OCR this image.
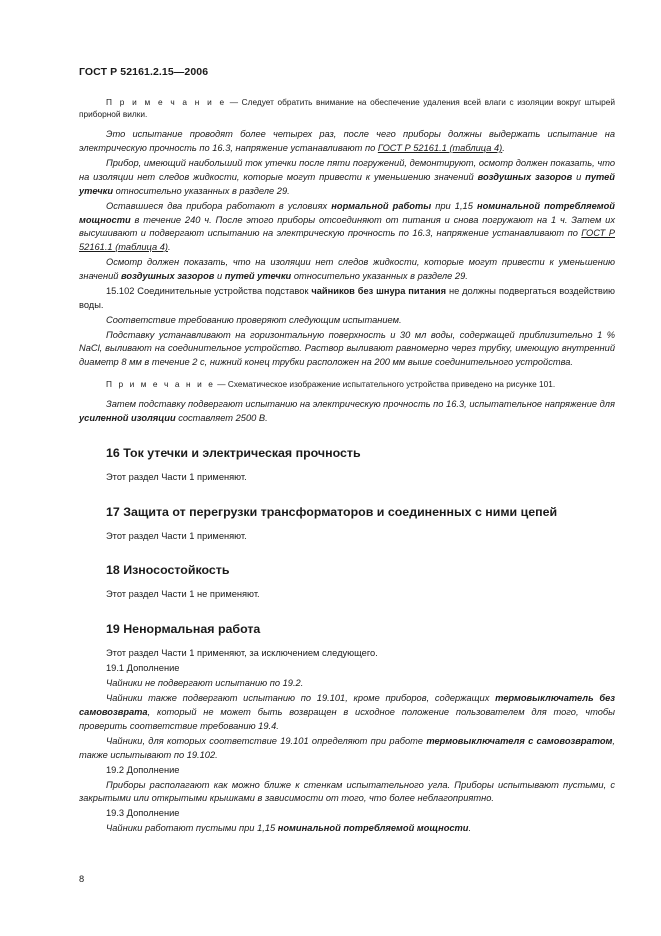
ГОСТ Р 52161.2.15—2006

П р и м е ч а н и е — Следует обратить внимание на обеспечение удаления всей влаги с изоляции вокруг штырей приборной вилки.

Это испытание проводят более четырех раз, после чего приборы должны выдержать испытание на электрическую прочность по 16.3, напряжение устанавливают по ГОСТ Р 52161.1 (таблица 4).

Прибор, имеющий наибольший ток утечки после пяти погружений, демонтируют, осмотр должен показать, что на изоляции нет следов жидкости, которые могут привести к уменьшению значений воздушных зазоров и путей утечки относительно указанных в разделе 29.

Оставшиеся два прибора работают в условиях нормальной работы при 1,15 номинальной потребляемой мощности в течение 240 ч. После этого приборы отсоединяют от питания и снова погружают на 1 ч. Затем их высушивают и подвергают испытанию на электрическую прочность по 16.3, напряжение устанавливают по ГОСТ Р 52161.1 (таблица 4).

Осмотр должен показать, что на изоляции нет следов жидкости, которые могут привести к уменьшению значений воздушных зазоров и путей утечки относительно указанных в разделе 29.

15.102 Соединительные устройства подставок чайников без шнура питания не должны подвергаться воздействию воды.

Соответствие требованию проверяют следующим испытанием.

Подставку устанавливают на горизонтальную поверхность и 30 мл воды, содержащей приблизительно 1 % NaCl, выливают на соединительное устройство. Раствор выливают равномерно через трубку, имеющую внутренний диаметр 8 мм в течение 2 с, нижний конец трубки расположен на 200 мм выше соединительного устройства.

П р и м е ч а н и е — Схематическое изображение испытательного устройства приведено на рисунке 101.

Затем подставку подвергают испытанию на электрическую прочность по 16.3, испытательное напряжение для усиленной изоляции составляет 2500 В.

16 Ток утечки и электрическая прочность

Этот раздел Части 1 применяют.

17 Защита от перегрузки трансформаторов и соединенных с ними цепей

Этот раздел Части 1 применяют.

18 Износостойкость

Этот раздел Части 1 не применяют.

19 Ненормальная работа

Этот раздел Части 1 применяют, за исключением следующего.

19.1 Дополнение

Чайники не подвергают испытанию по 19.2.

Чайники также подвергают испытанию по 19.101, кроме приборов, содержащих термовыключатель без самовозврата, который не может быть возвращен в исходное положение пользователем для того, чтобы проверить соответствие требованию 19.4.

Чайники, для которых соответствие 19.101 определяют при работе термовыключателя с самовозвратом, также испытывают по 19.102.

19.2 Дополнение

Приборы располагают как можно ближе к стенкам испытательного угла. Приборы испытывают пустыми, с закрытыми или открытыми крышками в зависимости от того, что более неблагоприятно.

19.3 Дополнение

Чайники работают пустыми при 1,15 номинальной потребляемой мощности.

8
